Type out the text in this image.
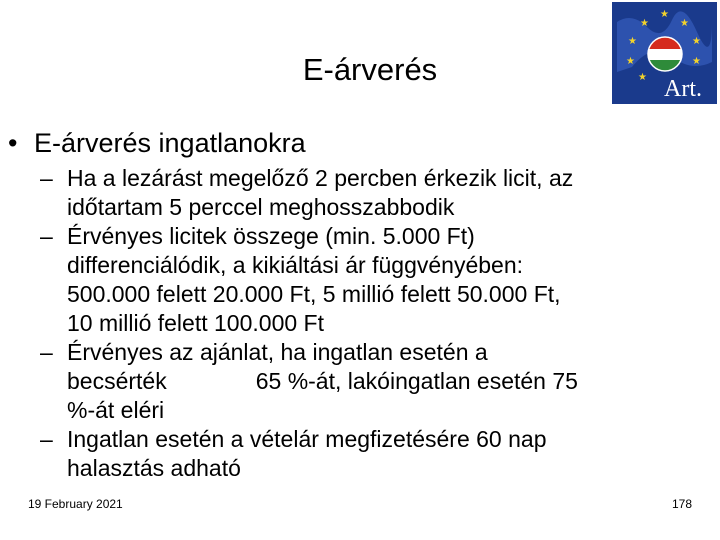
E-árverés
★
★
★
★
★
★
★
★ Art.
• E-árverés ingatlanokra
– Ha a lezárást megelőző 2 percben érkezik licit, az
időtartam 5 perccel meghosszabbodik
– Érvényes licitek összege (min. 5.000 Ft)
differenciálódik, a kikiáltási ár függvényében:
500.000 felett 20.000 Ft, 5 millió felett 50.000 Ft,
10 millió felett 100.000 Ft
– Érvényes az ajánlat, ha ingatlan esetén a
becsérték	65 %-át, lakóingatlan esetén 75
%-át eléri
– Ingatlan esetén a vételár megfizetésére 60 nap
halasztás adható
19 February 2021	178
